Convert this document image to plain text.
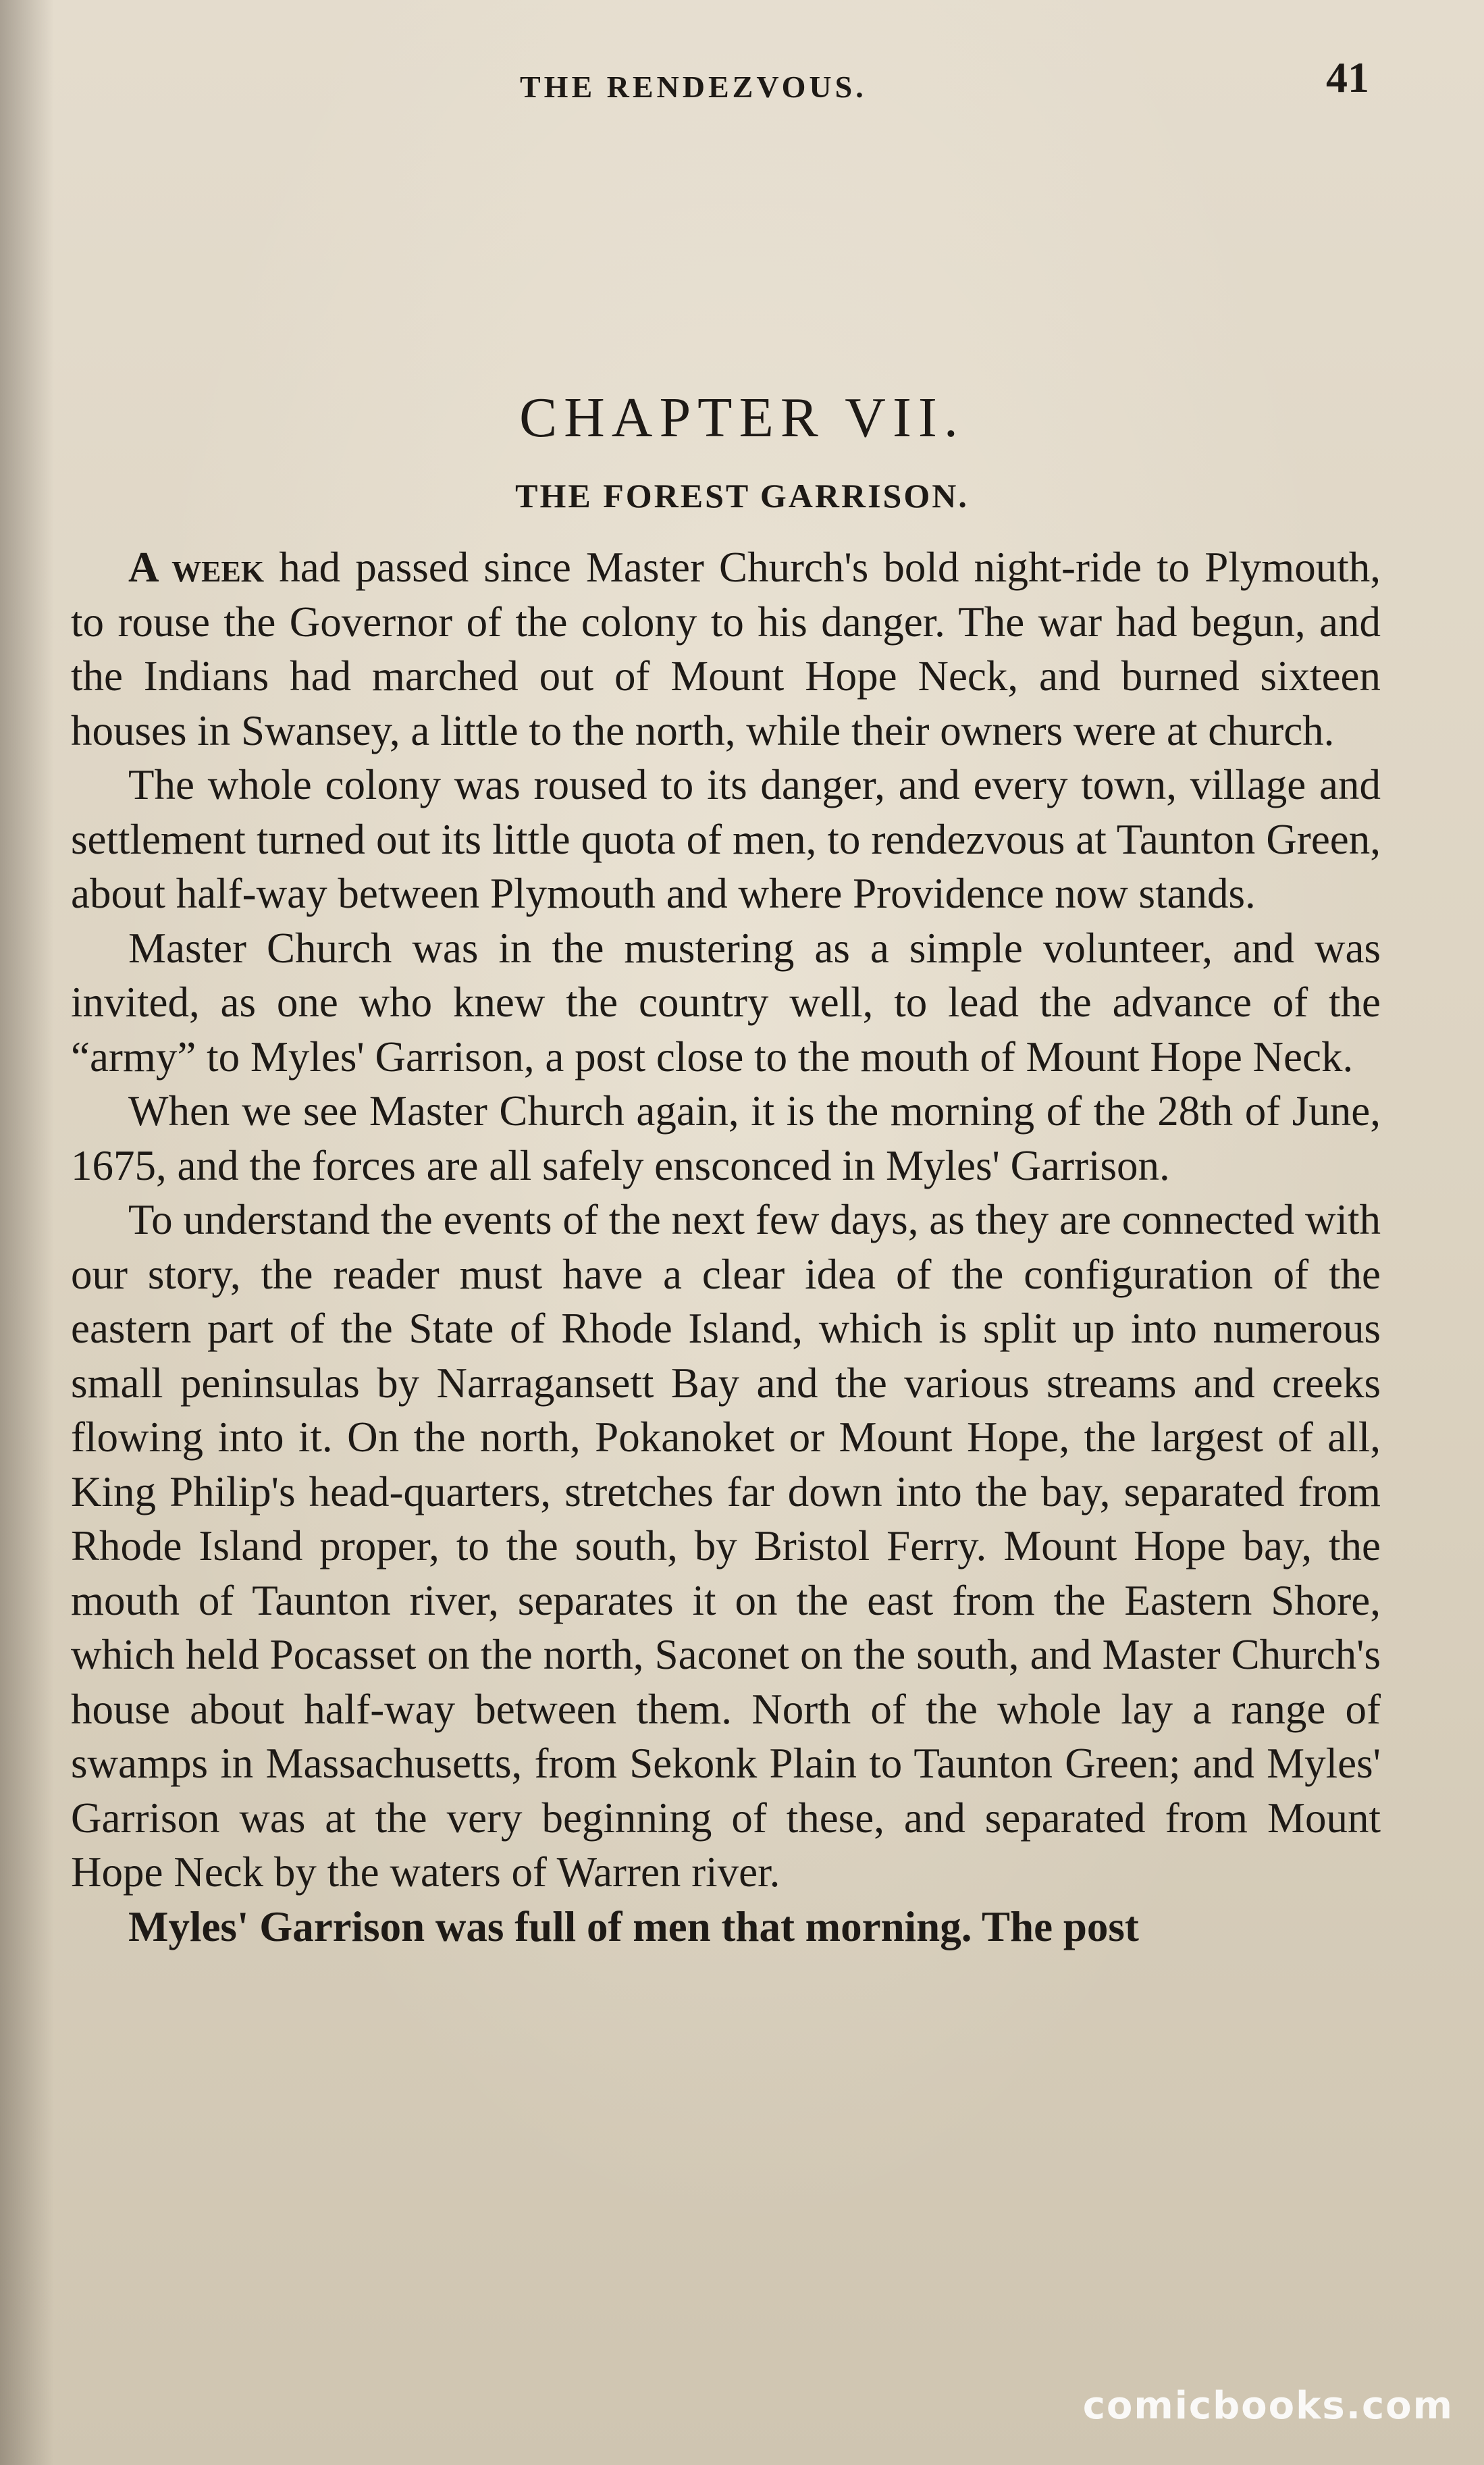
THE RENDEZVOUS.	41
CHAPTER VII.
THE FOREST GARRISON.

A week had passed since Master Church's bold night-ride to Plymouth, to rouse the Governor of the colony to his danger. The war had begun, and the Indians had marched out of Mount Hope Neck, and burned sixteen houses in Swansey, a little to the north, while their owners were at church.

The whole colony was roused to its danger, and every town, village and settlement turned out its little quota of men, to rendezvous at Taunton Green, about half-way between Plymouth and where Providence now stands.

Master Church was in the mustering as a simple volunteer, and was invited, as one who knew the country well, to lead the advance of the “army” to Myles' Garrison, a post close to the mouth of Mount Hope Neck.

When we see Master Church again, it is the morning of the 28th of June, 1675, and the forces are all safely ensconced in Myles' Garrison.

To understand the events of the next few days, as they are connected with our story, the reader must have a clear idea of the configuration of the eastern part of the State of Rhode Island, which is split up into numerous small peninsulas by Narragansett Bay and the various streams and creeks flowing into it. On the north, Pokanoket or Mount Hope, the largest of all, King Philip's head-quarters, stretches far down into the bay, separated from Rhode Island proper, to the south, by Bristol Ferry. Mount Hope bay, the mouth of Taunton river, separates it on the east from the Eastern Shore, which held Pocasset on the north, Saconet on the south, and Master Church's house about half-way between them. North of the whole lay a range of swamps in Massachusetts, from Sekonk Plain to Taunton Green; and Myles' Garrison was at the very beginning of these, and separated from Mount Hope Neck by the waters of Warren river.

Myles' Garrison was full of men that morning. The post

comicbooks.com
